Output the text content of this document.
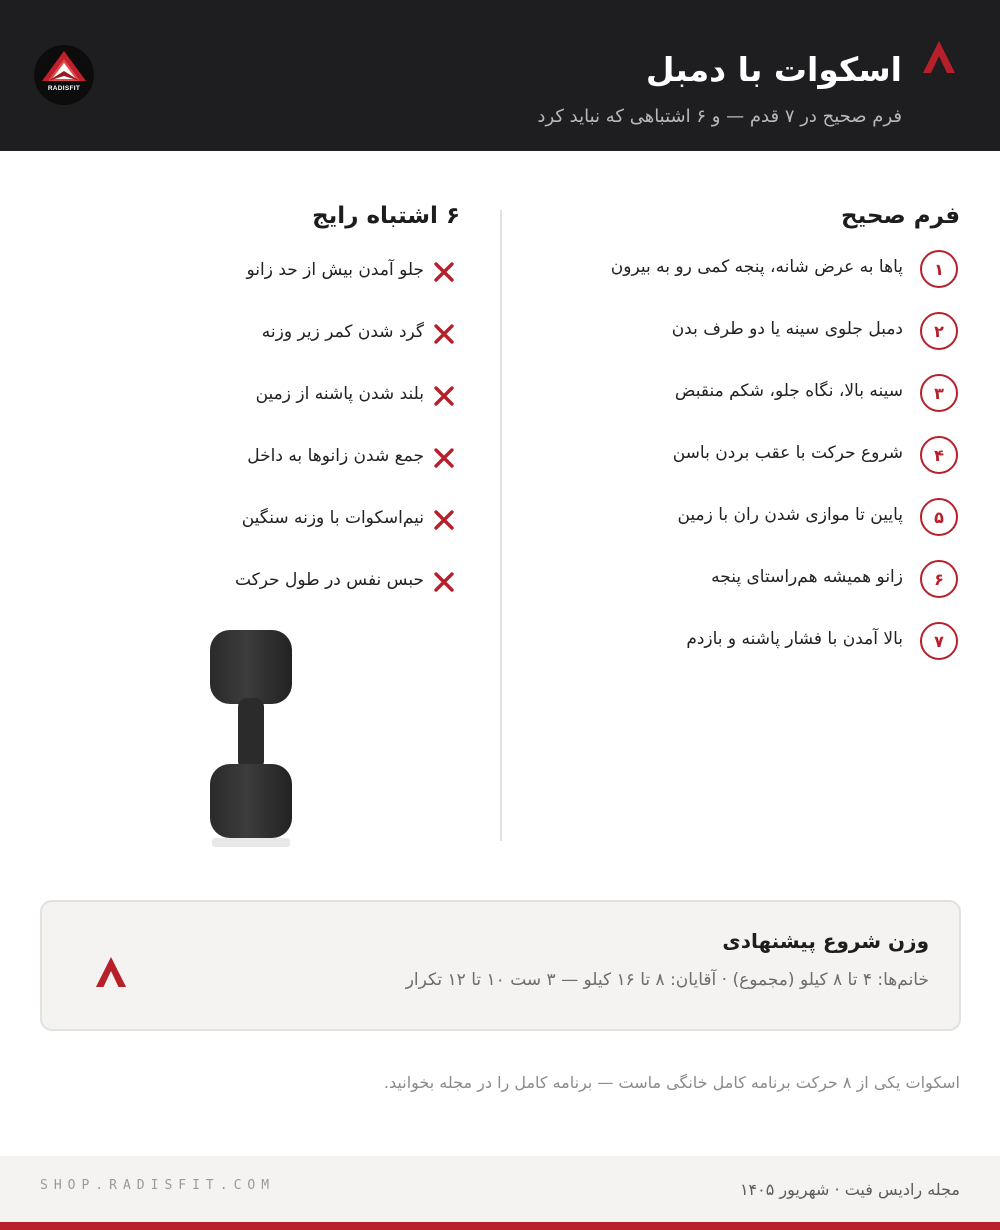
اسکوات با دمبل
فرم صحیح در ۷ قدم — و ۶ اشتباهی که نباید کرد
RADISFIT
فرم صحیح
۶ اشتباه رایج
۱
پاها به عرض شانه، پنجه کمی رو به بیرون
۲
دمبل جلوی سینه یا دو طرف بدن
۳
سینه بالا، نگاه جلو، شکم منقبض
۴
شروع حرکت با عقب بردن باسن
۵
پایین تا موازی شدن ران با زمین
۶
زانو همیشه هم‌راستای پنجه
۷
بالا آمدن با فشار پاشنه و بازدم
جلو آمدن بیش از حد زانو
گرد شدن کمر زیر وزنه
بلند شدن پاشنه از زمین
جمع شدن زانوها به داخل
نیم‌اسکوات با وزنه سنگین
حبس نفس در طول حرکت
وزن شروع پیشنهادی
خانم‌ها: ۴ تا ۸ کیلو (مجموع) · آقایان: ۸ تا ۱۶ کیلو — ۳ ست ۱۰ تا ۱۲ تکرار
اسکوات یکی از ۸ حرکت برنامه کامل خانگی ماست — برنامه کامل را در مجله بخوانید.
مجله رادیس فیت · شهریور ۱۴۰۵
SHOP.RADISFIT.COM
